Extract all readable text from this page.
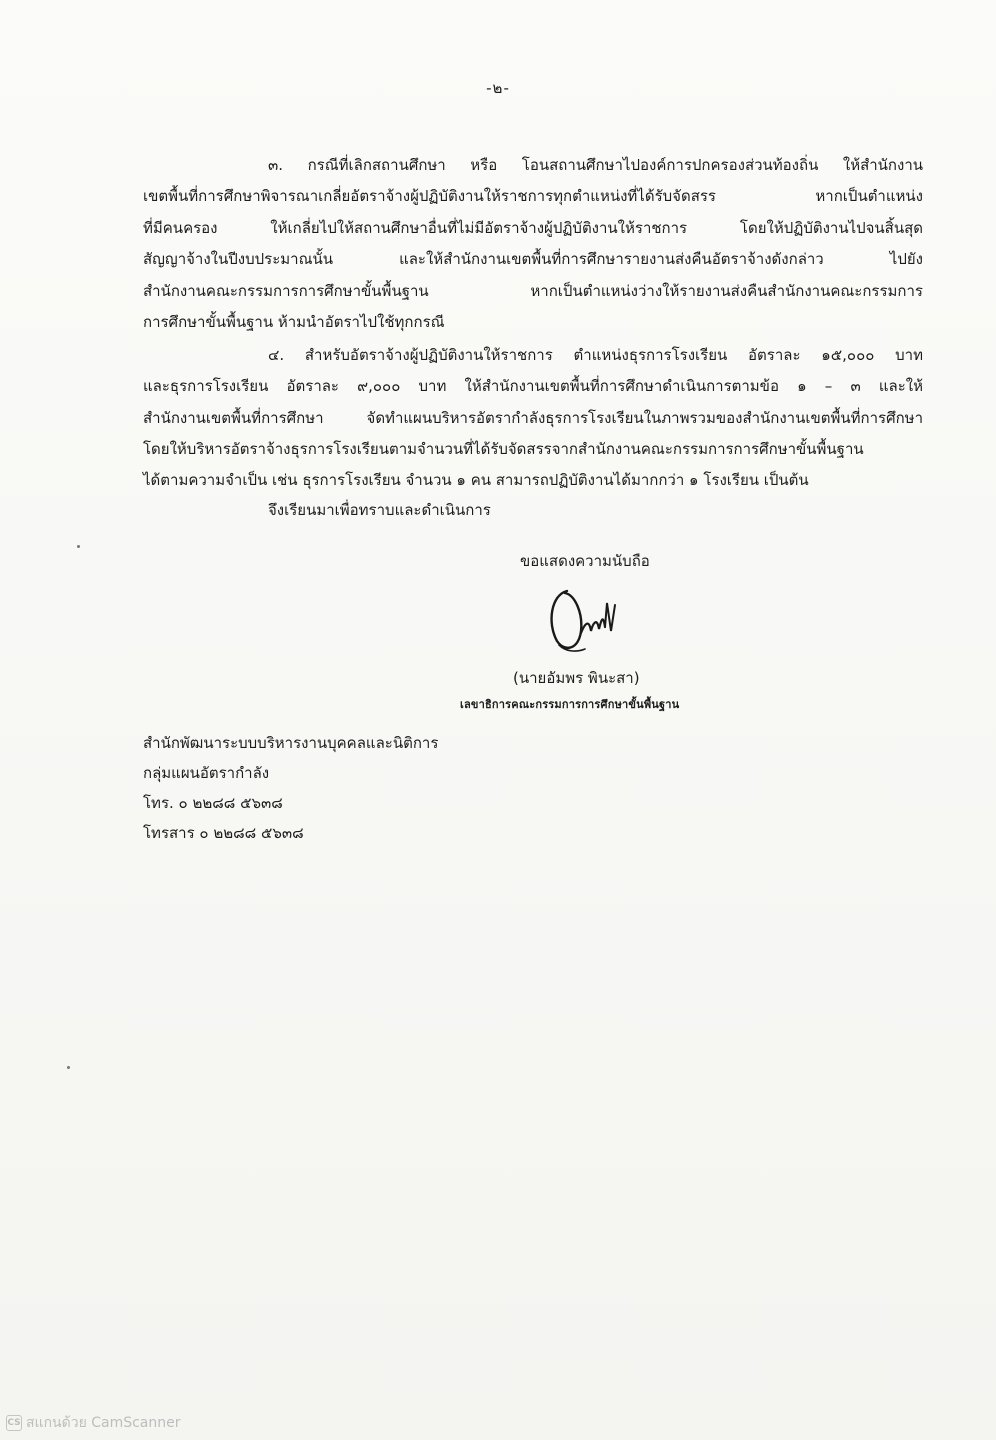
-๒-
๓. กรณีที่เลิกสถานศึกษา หรือ โอนสถานศึกษาไปองค์การปกครองส่วนท้องถิ่น ให้สำนักงาน
เขตพื้นที่การศึกษาพิจารณาเกลี่ยอัตราจ้างผู้ปฏิบัติงานให้ราชการทุกตำแหน่งที่ได้รับจัดสรร หากเป็นตำแหน่ง
ที่มีคนครอง ให้เกลี่ยไปให้สถานศึกษาอื่นที่ไม่มีอัตราจ้างผู้ปฏิบัติงานให้ราชการ โดยให้ปฏิบัติงานไปจนสิ้นสุด
สัญญาจ้างในปีงบประมาณนั้น และให้สำนักงานเขตพื้นที่การศึกษารายงานส่งคืนอัตราจ้างดังกล่าว ไปยัง
สำนักงานคณะกรรมการการศึกษาขั้นพื้นฐาน หากเป็นตำแหน่งว่างให้รายงานส่งคืนสำนักงานคณะกรรมการ
การศึกษาขั้นพื้นฐาน ห้ามนำอัตราไปใช้ทุกกรณี
๔. สำหรับอัตราจ้างผู้ปฏิบัติงานให้ราชการ ตำแหน่งธุรการโรงเรียน อัตราละ ๑๕,๐๐๐ บาท
และธุรการโรงเรียน อัตราละ ๙,๐๐๐ บาท ให้สำนักงานเขตพื้นที่การศึกษาดำเนินการตามข้อ ๑ – ๓ และให้
สำนักงานเขตพื้นที่การศึกษา จัดทำแผนบริหารอัตรากำลังธุรการโรงเรียนในภาพรวมของสำนักงานเขตพื้นที่การศึกษา
โดยให้บริหารอัตราจ้างธุรการโรงเรียนตามจำนวนที่ได้รับจัดสรรจากสำนักงานคณะกรรมการการศึกษาขั้นพื้นฐาน
ได้ตามความจำเป็น เช่น ธุรการโรงเรียน จำนวน ๑ คน สามารถปฏิบัติงานได้มากกว่า ๑ โรงเรียน เป็นต้น
จึงเรียนมาเพื่อทราบและดำเนินการ
ขอแสดงความนับถือ
(นายอัมพร พินะสา)
เลขาธิการคณะกรรมการการศึกษาขั้นพื้นฐาน
สำนักพัฒนาระบบบริหารงานบุคคลและนิติการ
กลุ่มแผนอัตรากำลัง
โทร. ๐ ๒๒๘๘ ๕๖๓๘
โทรสาร ๐ ๒๒๘๘ ๕๖๓๘
CS สแกนด้วย CamScanner
